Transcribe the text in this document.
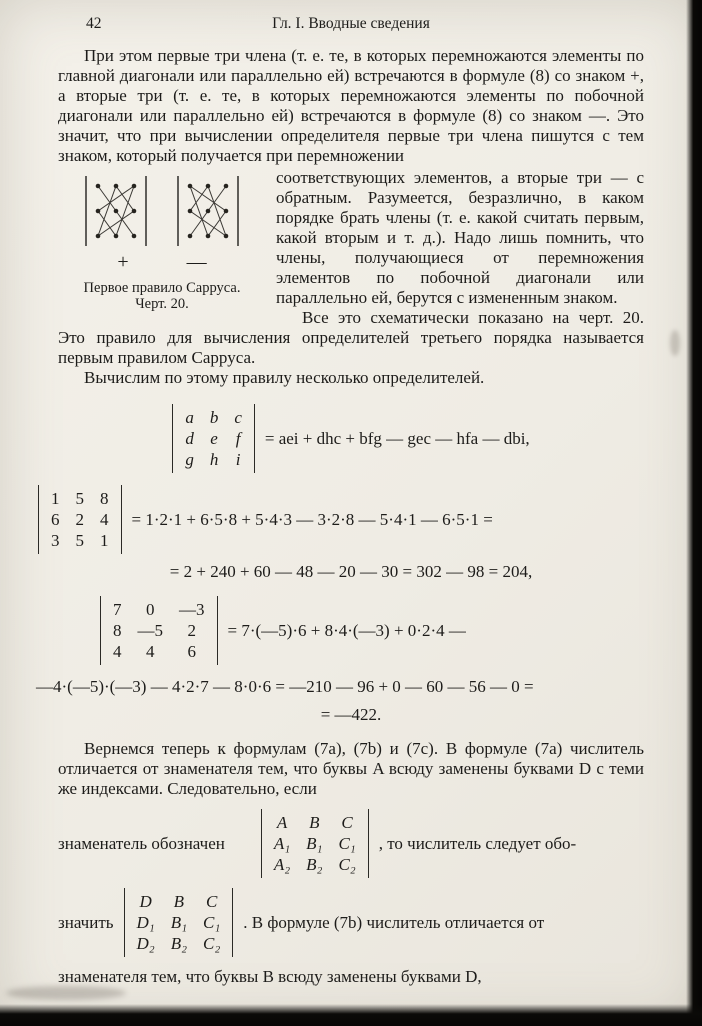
42	Гл. I. Вводные сведения

При этом первые три члена (т. е. те, в которых перемножаются элементы по главной диагонали или параллельно ей) встречаются в формуле (8) со знаком +, а вторые три (т. е. те, в которых перемножаются элементы по побочной диагонали или параллельно ей) встречаются в формуле (8) со знаком —. Это значит, что при вычислении определителя первые три члена пишутся с тем знаком, который получается при перемножении

+	—
Первое правило Сарруса.
Черт. 20.

соответствующих элементов, а вторые три — с обратным. Разумеется, безразлично, в каком порядке брать члены (т. е. какой считать первым, какой вторым и т. д.). Надо лишь помнить, что члены, получающиеся от перемножения элементов по побочной диагонали или параллельно ей, берутся с измененным знаком.

Все это схематически показано на черт. 20. Это правило для вычисления определителей третьего порядка называется первым правилом Сарруса.

Вычислим по этому правилу несколько определителей.

a b c
d e	f
g h	i
= aei + dhc + bfg — gec — hfa — dbi,
1 5 8
6 2 4
3 5 1
= 1·2·1 + 6·5·8 + 5·4·3 — 3·2·8 — 5·4·1 — 6·5·1 =
= 2 + 240 + 60 — 48 — 20 — 30 = 302 — 98 = 204,
7	0	—3
8 —5	2
4	4	6
= 7·(—5)·6 + 8·4·(—3) + 0·2·4 —
—4·(—5)·(—3) — 4·2·7 — 8·0·6 = —210 — 96 + 0 — 60 — 56 — 0 =
= —422.

Вернемся теперь к формулам (7а), (7b) и (7с). В формуле (7а) числитель отличается от знаменателя тем, что буквы A всюду заменены буквами D с теми же индексами. Следовательно, если

знаменатель обозначен
A	B	C
A₁ B₁ C₁
A₂ B₂ C₂
, то числитель следует обо-
значить
D	B	C
D₁ B₁ C₁
D₂ B₂ C₂
. В формуле (7b) числитель отличается от

знаменателя тем, что буквы B всюду заменены буквами D,
